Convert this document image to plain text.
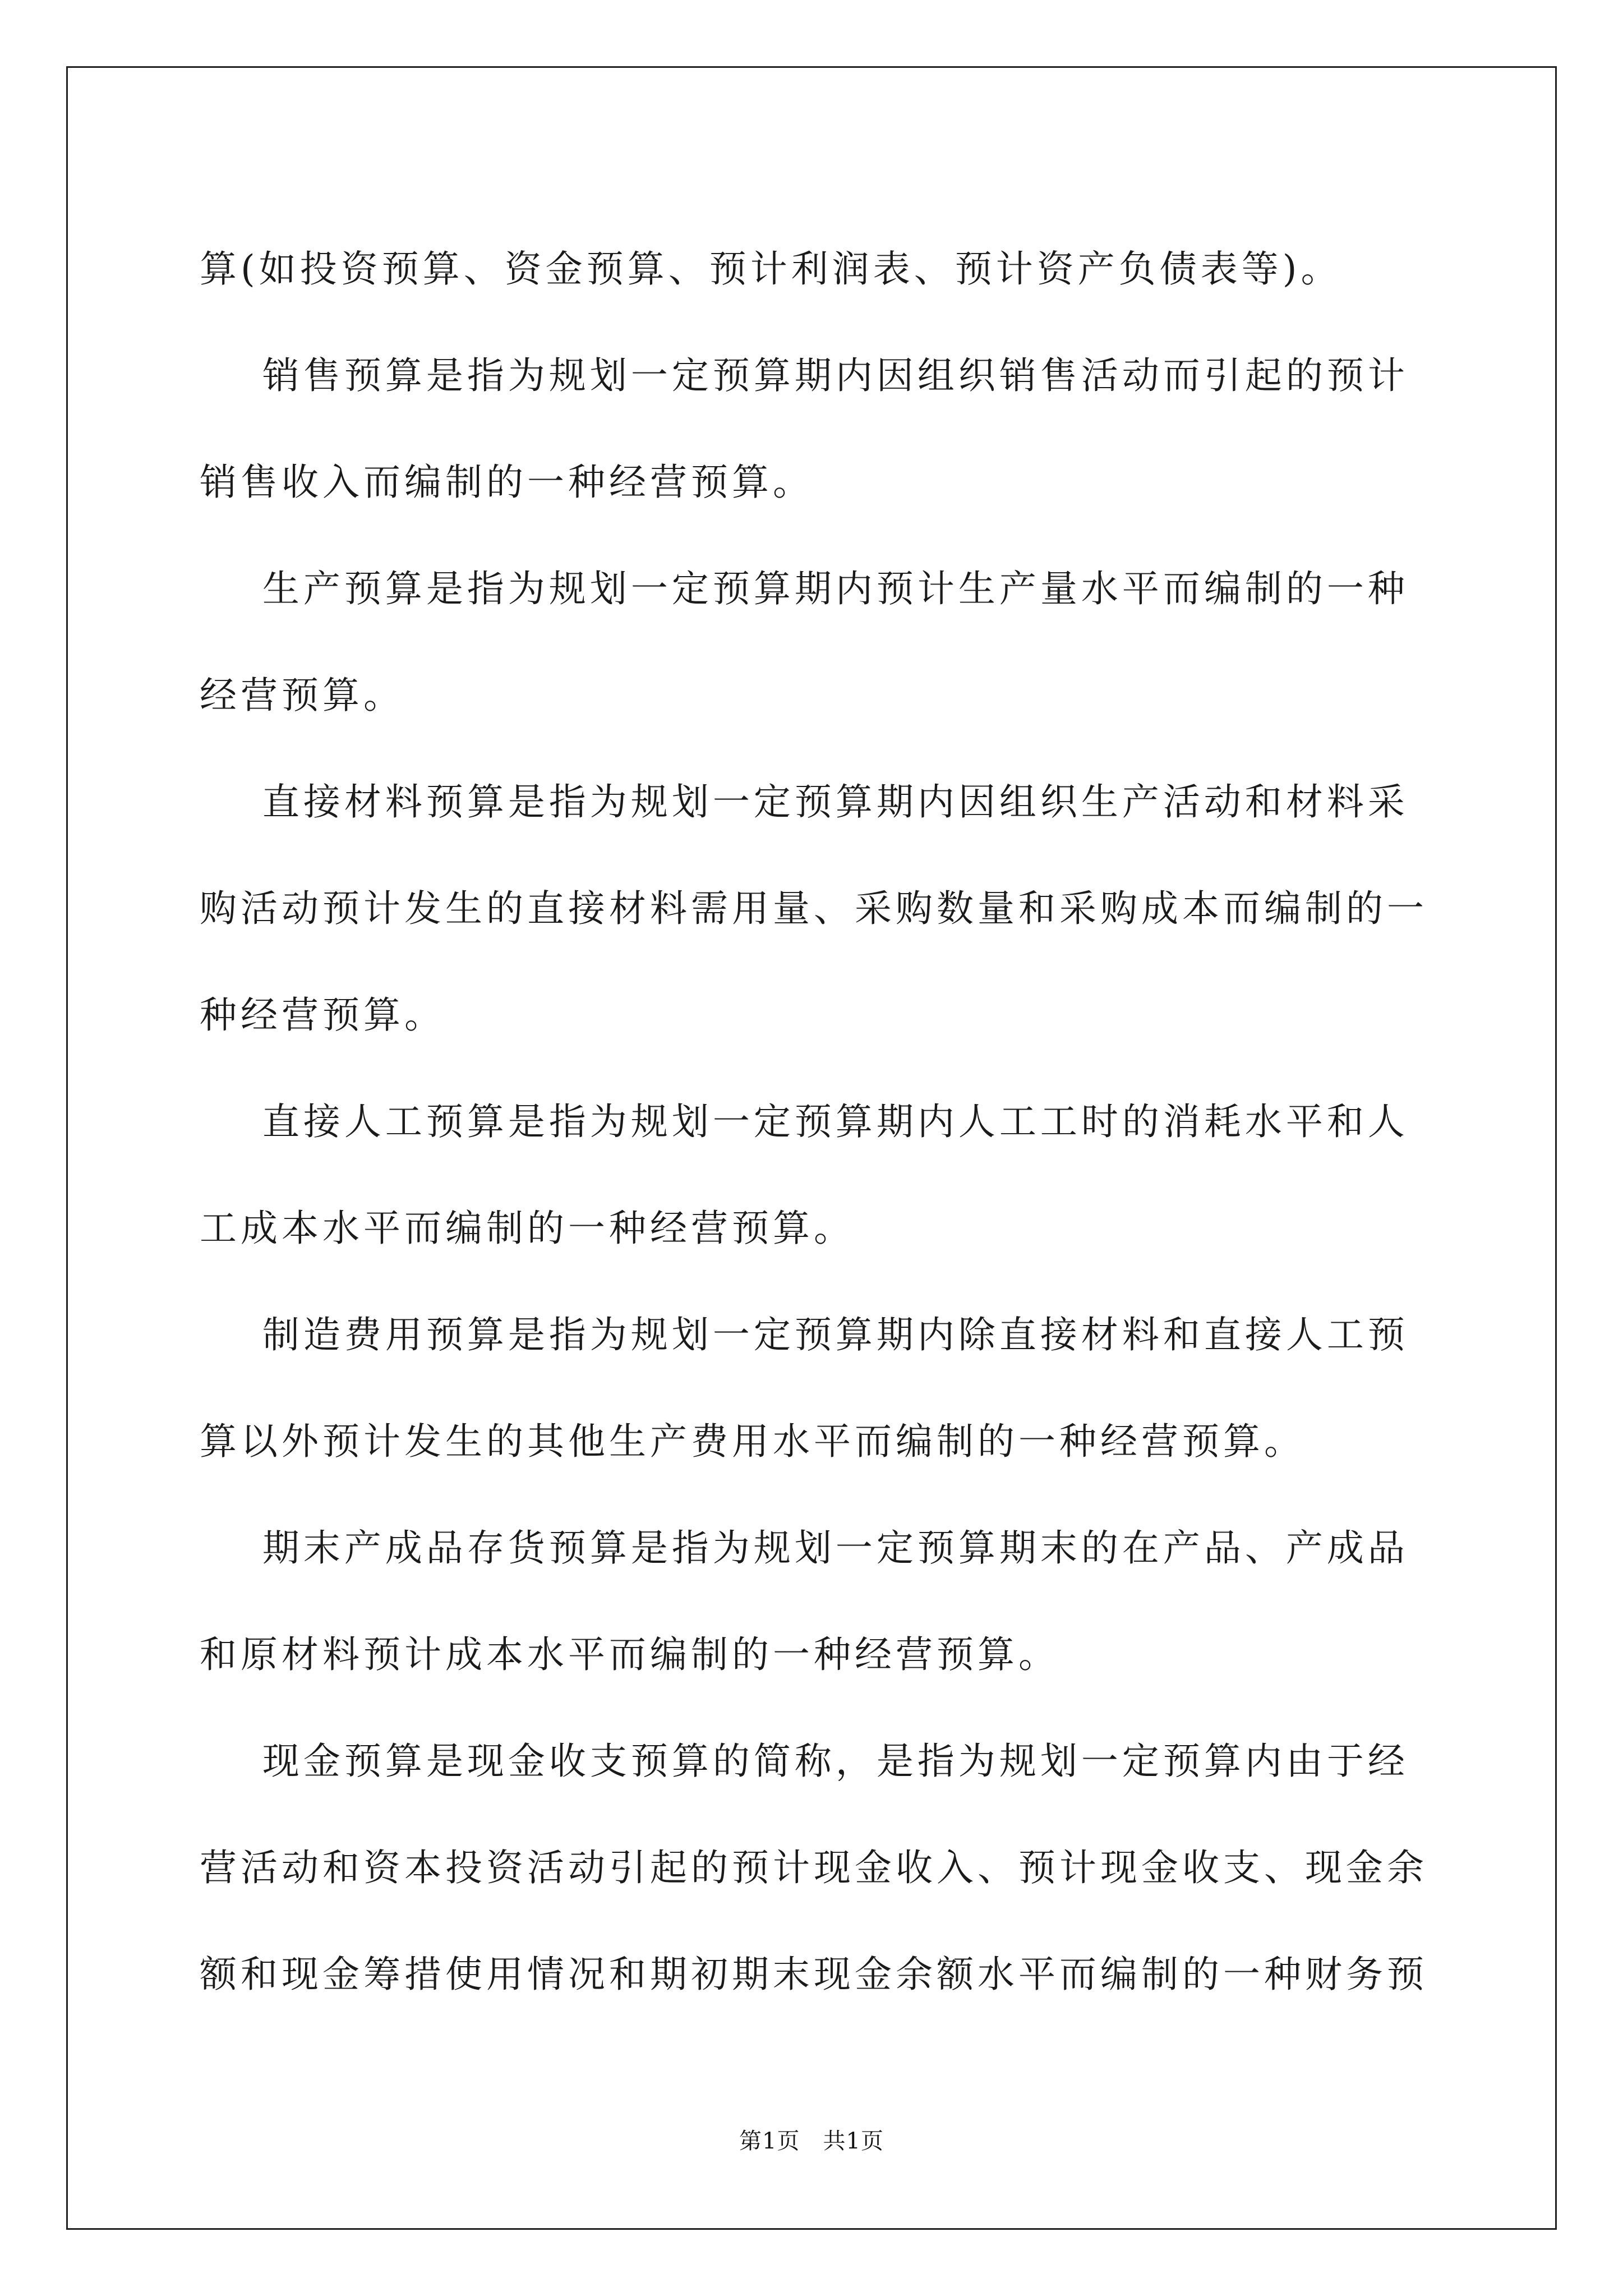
算(如投资预算、资金预算、预计利润表、预计资产负债表等)。

销售预算是指为规划一定预算期内因组织销售活动而引起的预计

销售收入而编制的一种经营预算。

生产预算是指为规划一定预算期内预计生产量水平而编制的一种

经营预算。

直接材料预算是指为规划一定预算期内因组织生产活动和材料采

购活动预计发生的直接材料需用量、采购数量和采购成本而编制的一

种经营预算。

直接人工预算是指为规划一定预算期内人工工时的消耗水平和人

工成本水平而编制的一种经营预算。

制造费用预算是指为规划一定预算期内除直接材料和直接人工预

算以外预计发生的其他生产费用水平而编制的一种经营预算。

期末产成品存货预算是指为规划一定预算期末的在产品、产成品

和原材料预计成本水平而编制的一种经营预算。

现金预算是现金收支预算的简称，是指为规划一定预算内由于经

营活动和资本投资活动引起的预计现金收入、预计现金收支、现金余

额和现金筹措使用情况和期初期末现金余额水平而编制的一种财务预

第1页　共1页
